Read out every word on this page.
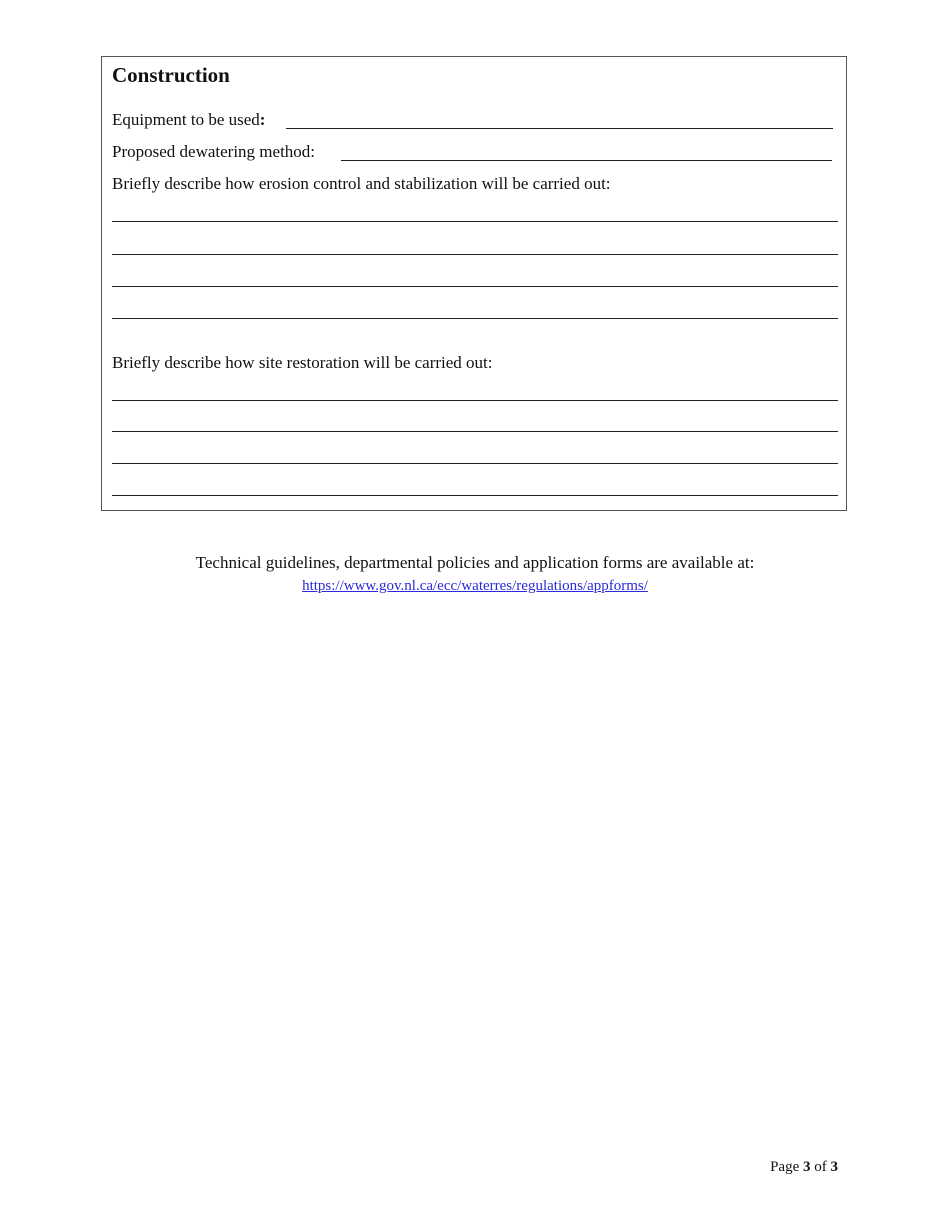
Construction
Equipment to be used:
Proposed dewatering method:
Briefly describe how erosion control and stabilization will be carried out:
Briefly describe how site restoration will be carried out:
Technical guidelines, departmental policies and application forms are available at:
https://www.gov.nl.ca/ecc/waterres/regulations/appforms/
Page 3 of 3
